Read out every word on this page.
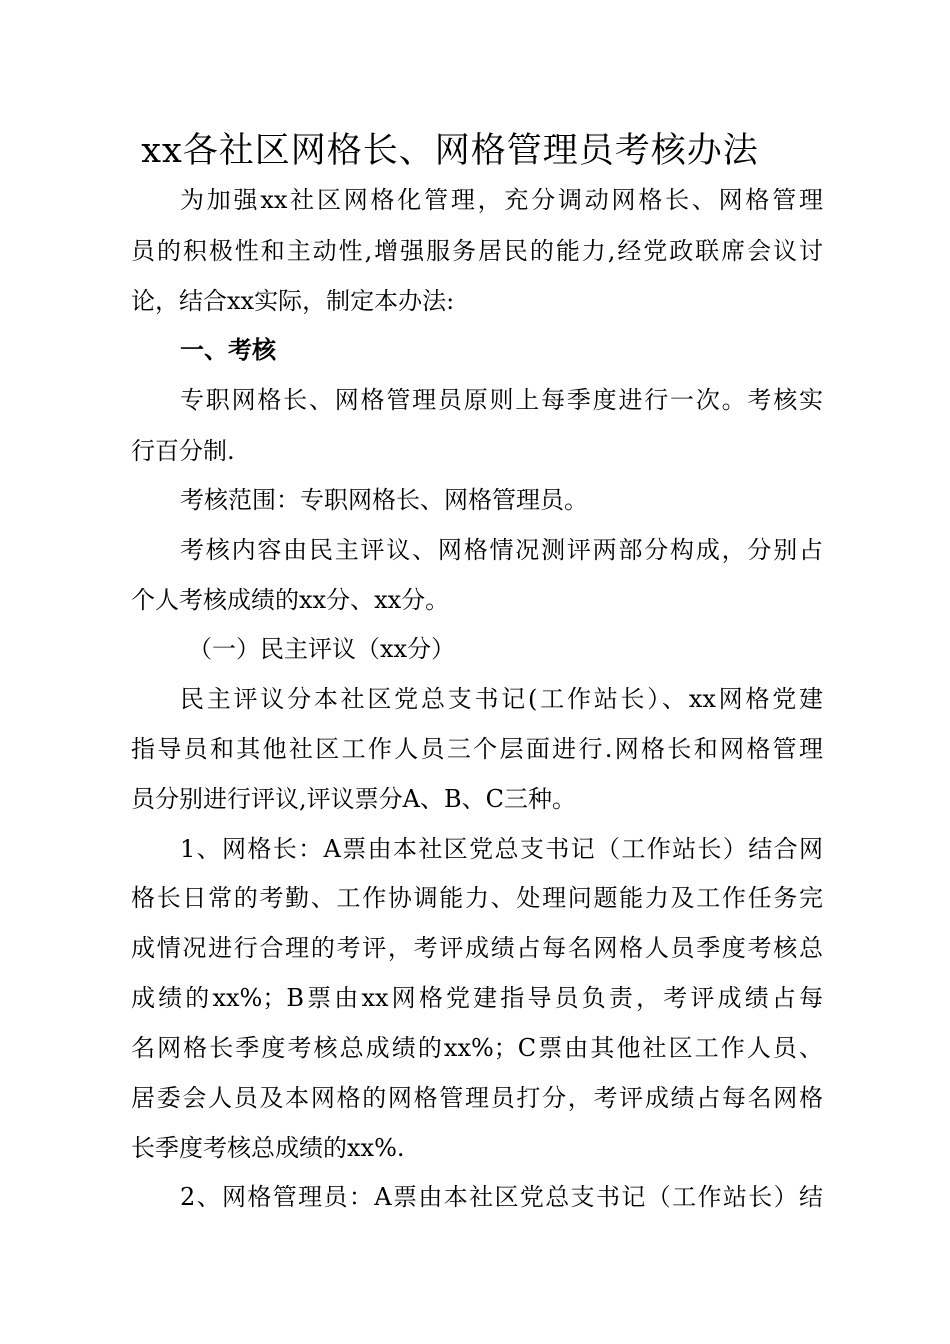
xx各社区网格长、网格管理员考核办法
为加强xx社区网格化管理，充分调动网格长、网格管理
员的积极性和主动性,增强服务居民的能力,经党政联席会议讨
论，结合xx实际，制定本办法:
一、考核
专职网格长、网格管理员原则上每季度进行一次。考核实
行百分制.
考核范围：专职网格长、网格管理员。
考核内容由民主评议、网格情况测评两部分构成，分别占
个人考核成绩的xx分、xx分。
（一）民主评议（xx分）
民主评议分本社区党总支书记(工作站长）、xx网格党建
指导员和其他社区工作人员三个层面进行.网格长和网格管理
员分别进行评议,评议票分A、B、C三种。
1、网格长：A票由本社区党总支书记（工作站长）结合网
格长日常的考勤、工作协调能力、处理问题能力及工作任务完
成情况进行合理的考评，考评成绩占每名网格人员季度考核总
成绩的xx%；B票由xx网格党建指导员负责，考评成绩占每
名网格长季度考核总成绩的xx%；C票由其他社区工作人员、
居委会人员及本网格的网格管理员打分，考评成绩占每名网格
长季度考核总成绩的xx%.
2、网格管理员：A票由本社区党总支书记（工作站长）结
